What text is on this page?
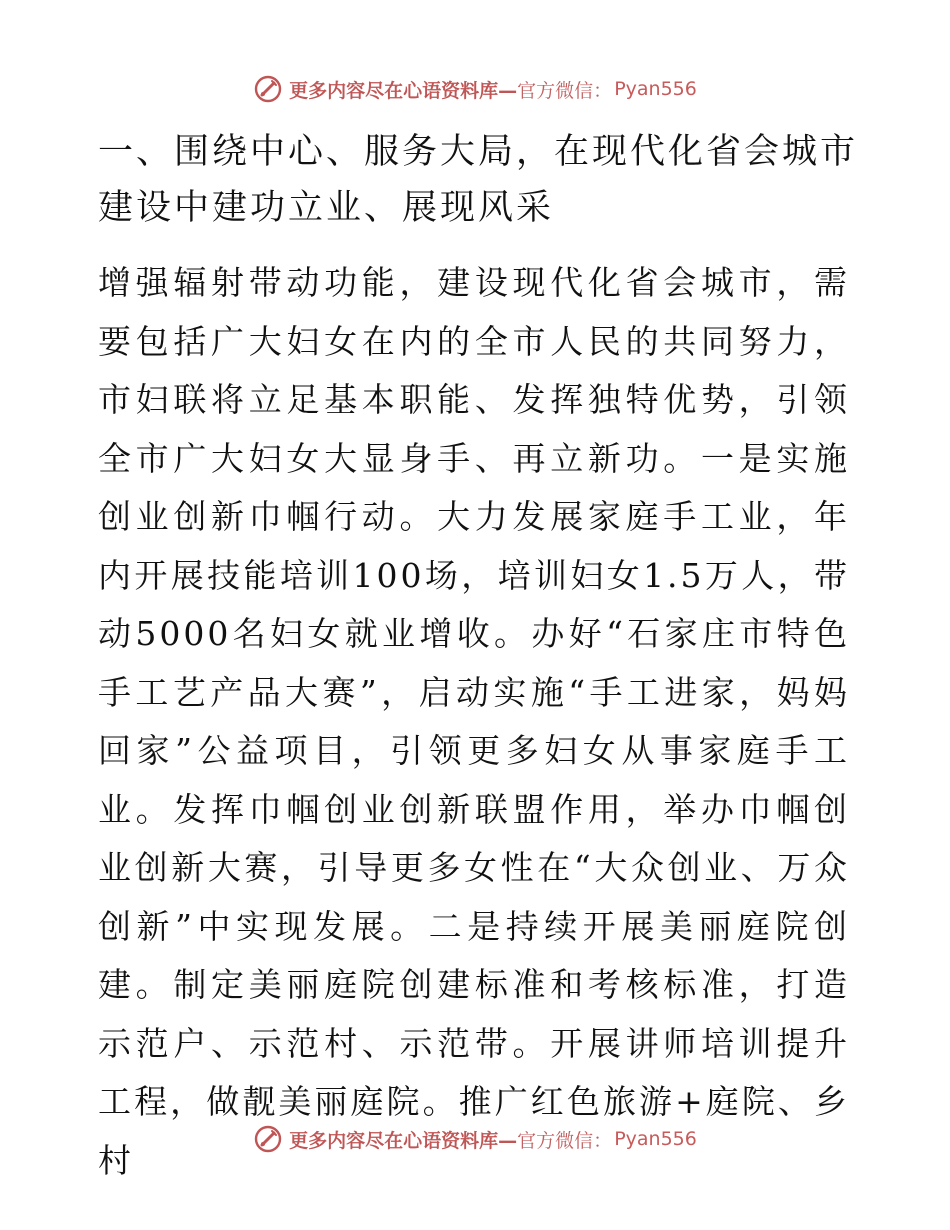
更多内容尽在心语资料库— 官方微信： Pyan556
一、围绕中心、服务大局，在现代化省会城市建设中建功立业、展现风采

增强辐射带动功能，建设现代化省会城市，需要包括广大妇女在内的全市人民的共同努力，市妇联将立足基本职能、发挥独特优势，引领全市广大妇女大显身手、再立新功。一是实施创业创新巾帼行动。大力发展家庭手工业，年内开展技能培训100场，培训妇女1.5万人，带动5000名妇女就业增收。办好“石家庄市特色手工艺产品大赛”，启动实施“手工进家，妈妈回家”公益项目，引领更多妇女从事家庭手工业。发挥巾帼创业创新联盟作用，举办巾帼创业创新大赛，引导更多女性在“大众创业、万众创新”中实现发展。二是持续开展美丽庭院创建。制定美丽庭院创建标准和考核标准，打造示范户、示范村、示范带。开展讲师培训提升工程，做靓美丽庭院。推广红色旅游+庭院、乡村	更多内容尽在心语资料库— 官方微信： Pyan556
